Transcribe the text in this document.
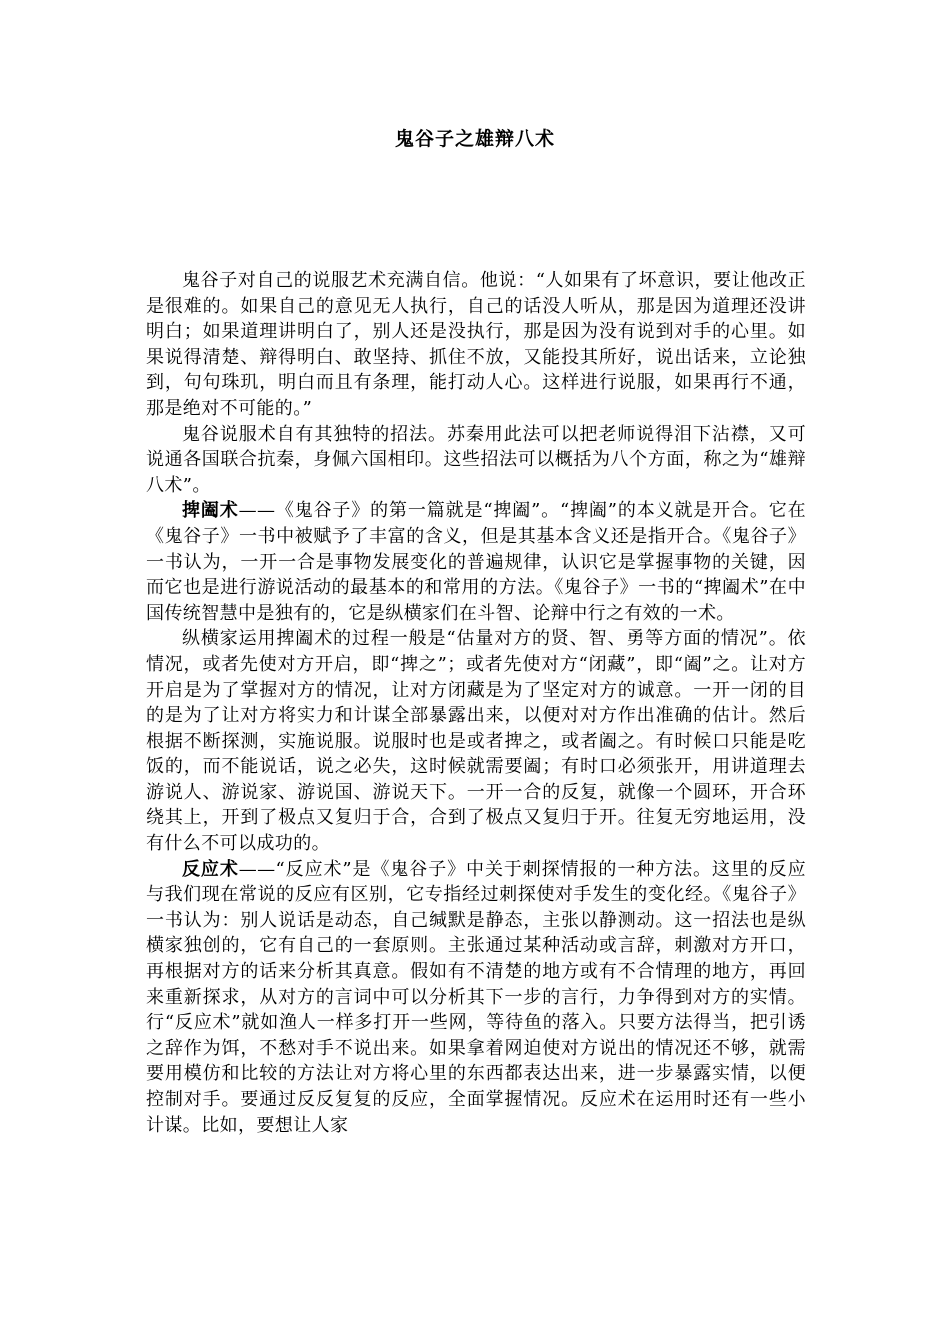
鬼谷子之雄辩八术

鬼谷子对自己的说服艺术充满自信。他说：“人如果有了坏意识，要让他改正是很难的。如果自己的意见无人执行，自己的话没人听从，那是因为道理还没讲明白；如果道理讲明白了，别人还是没执行，那是因为没有说到对手的心里。如果说得清楚、辩得明白、敢坚持、抓住不放，又能投其所好，说出话来，立论独到，句句珠玑，明白而且有条理，能打动人心。这样进行说服，如果再行不通，那是绝对不可能的。”

鬼谷说服术自有其独特的招法。苏秦用此法可以把老师说得泪下沾襟，又可说通各国联合抗秦，身佩六国相印。这些招法可以概括为八个方面，称之为“雄辩八术”。

捭阖术——《鬼谷子》的第一篇就是“捭阖”。“捭阖”的本义就是开合。它在《鬼谷子》一书中被赋予了丰富的含义，但是其基本含义还是指开合。《鬼谷子》一书认为，一开一合是事物发展变化的普遍规律，认识它是掌握事物的关键，因而它也是进行游说活动的最基本的和常用的方法。《鬼谷子》一书的“捭阖术”在中国传统智慧中是独有的，它是纵横家们在斗智、论辩中行之有效的一术。

纵横家运用捭阖术的过程一般是“估量对方的贤、智、勇等方面的情况”。依情况，或者先使对方开启，即“捭之”；或者先使对方“闭藏”，即“阖”之。让对方开启是为了掌握对方的情况，让对方闭藏是为了坚定对方的诚意。一开一闭的目的是为了让对方将实力和计谋全部暴露出来，以便对对方作出准确的估计。然后根据不断探测，实施说服。说服时也是或者捭之，或者阖之。有时候口只能是吃饭的，而不能说话，说之必失，这时候就需要阖；有时口必须张开，用讲道理去游说人、游说家、游说国、游说天下。一开一合的反复，就像一个圆环，开合环绕其上，开到了极点又复归于合，合到了极点又复归于开。往复无穷地运用，没有什么不可以成功的。

反应术——“反应术”是《鬼谷子》中关于刺探情报的一种方法。这里的反应与我们现在常说的反应有区别，它专指经过刺探使对手发生的变化经。《鬼谷子》一书认为：别人说话是动态，自己缄默是静态，主张以静测动。这一招法也是纵横家独创的，它有自己的一套原则。主张通过某种活动或言辞，刺激对方开口，再根据对方的话来分析其真意。假如有不清楚的地方或有不合情理的地方，再回来重新探求，从对方的言词中可以分析其下一步的言行，力争得到对方的实情。行“反应术”就如渔人一样多打开一些网，等待鱼的落入。只要方法得当，把引诱之辞作为饵，不愁对手不说出来。如果拿着网迫使对方说出的情况还不够，就需要用模仿和比较的方法让对方将心里的东西都表达出来，进一步暴露实情，以便控制对手。要通过反反复复的反应，全面掌握情况。反应术在运用时还有一些小计谋。比如，要想让人家
